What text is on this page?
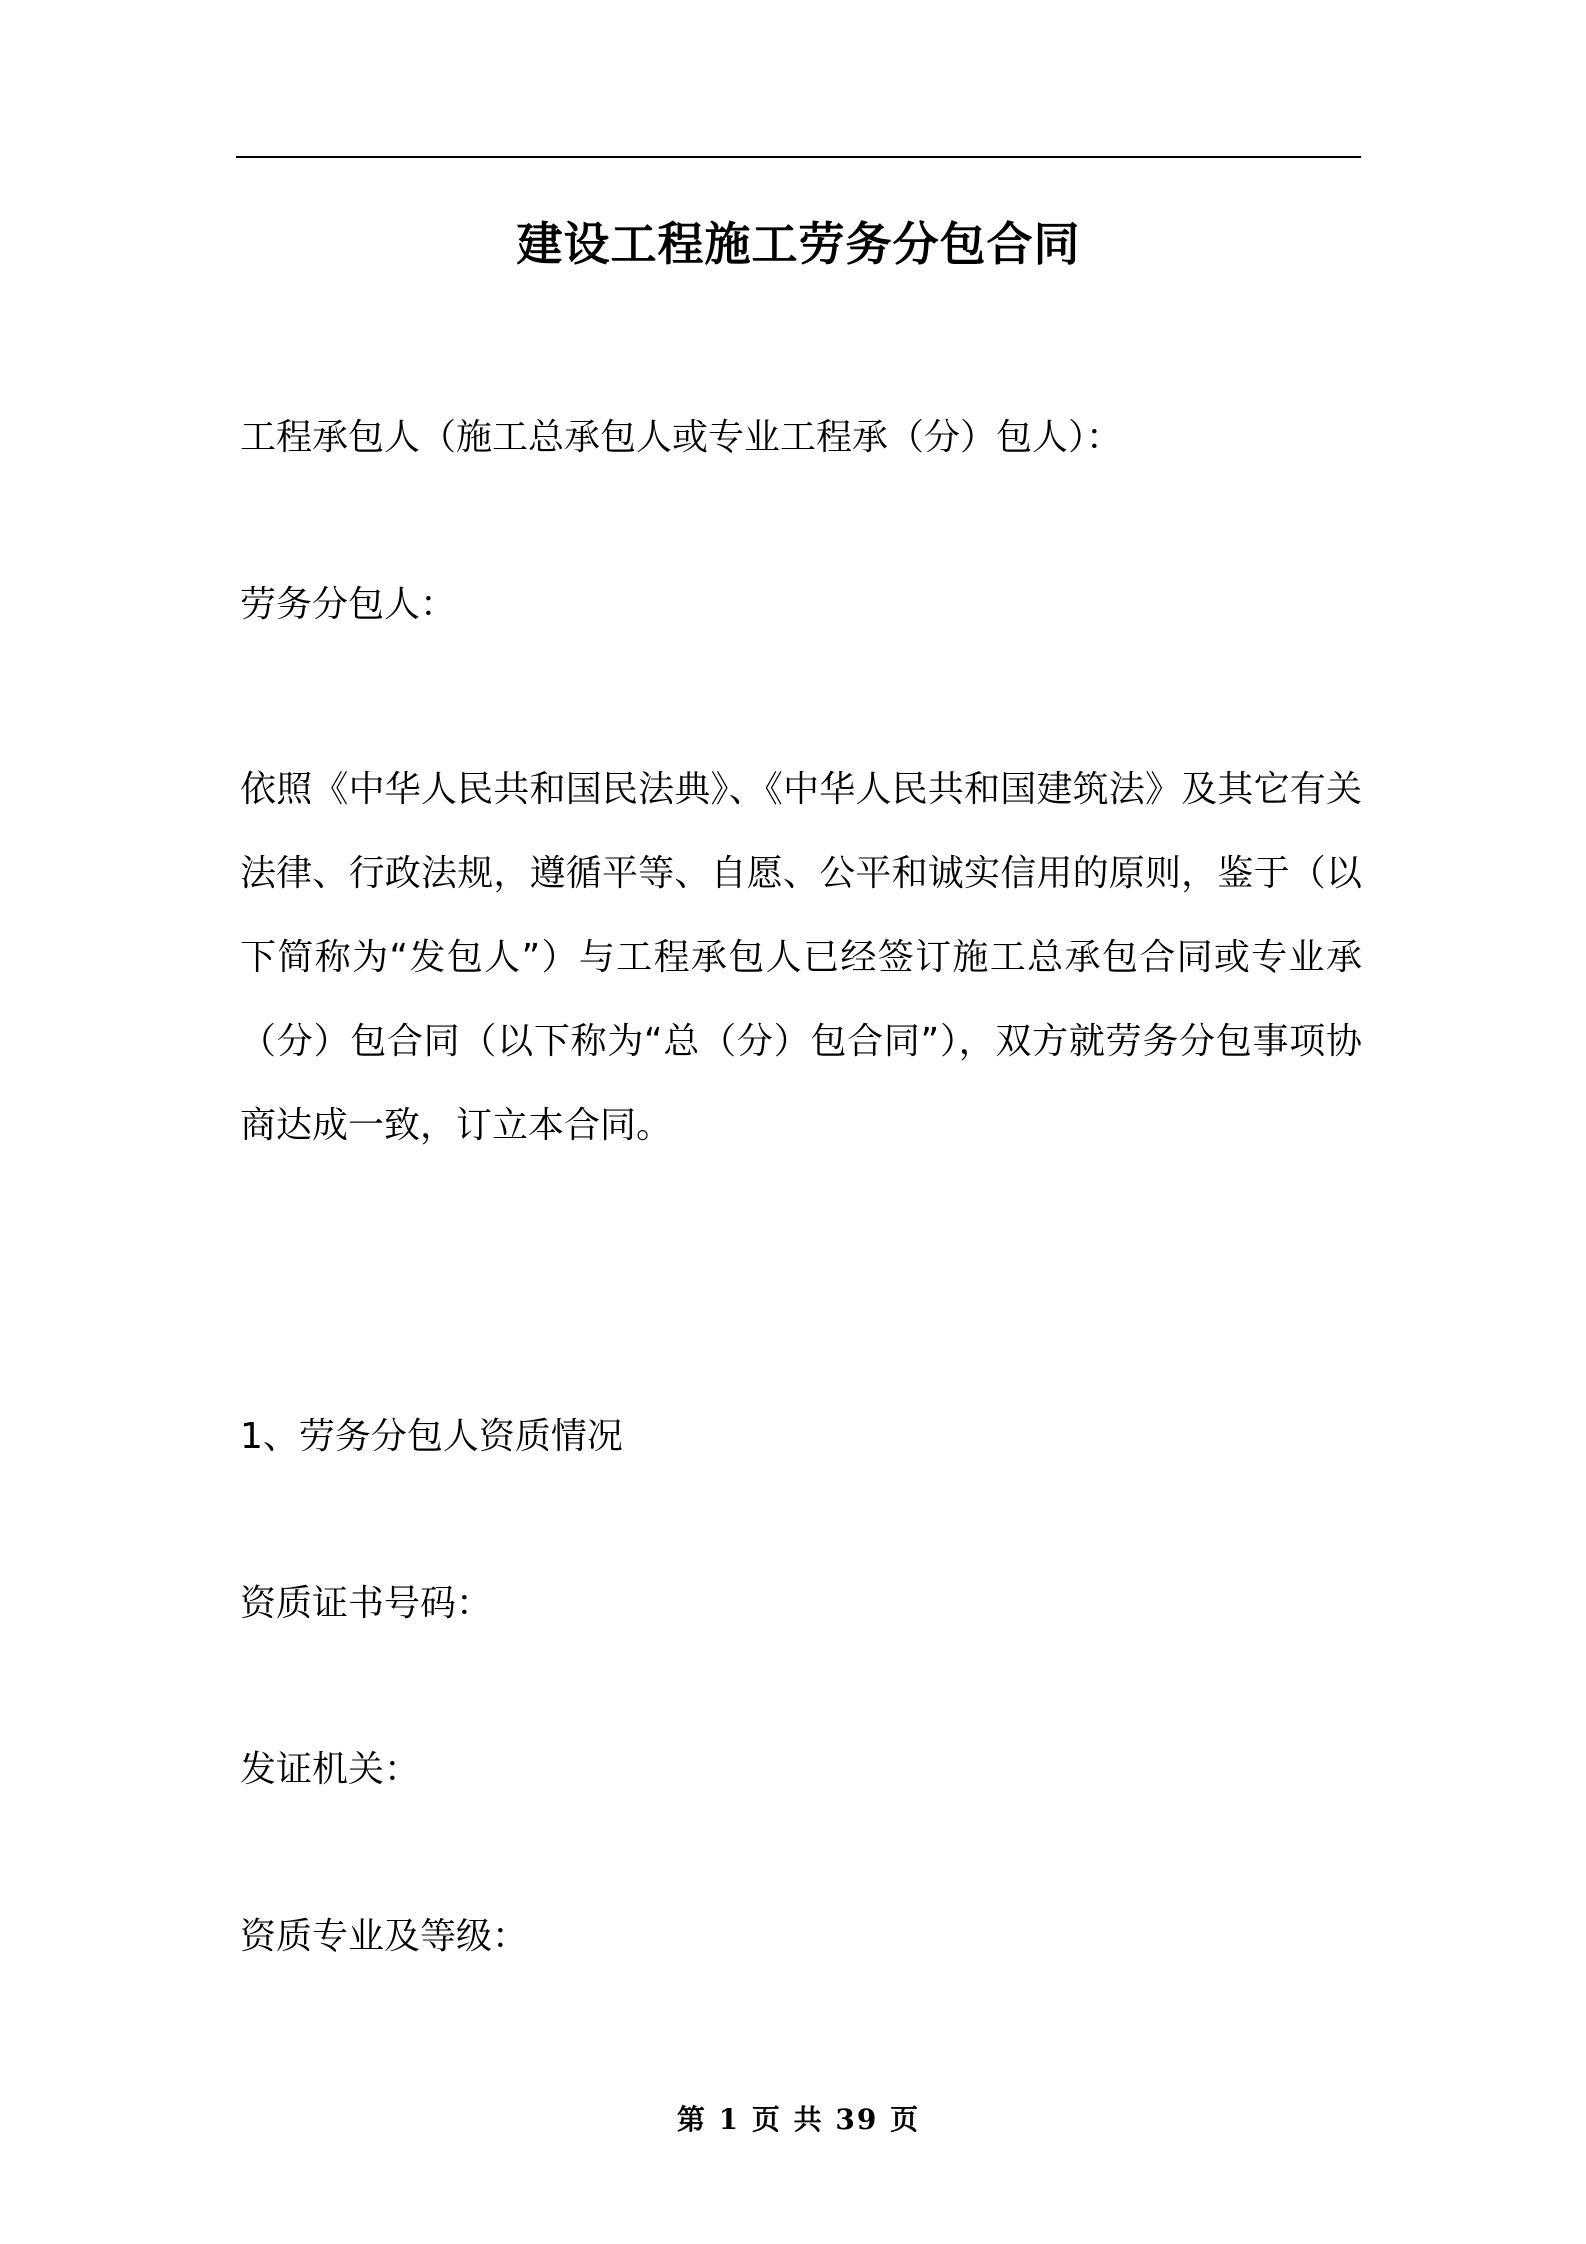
建设工程施工劳务分包合同
工程承包人（施工总承包人或专业工程承（分）包人）：
劳务分包人：
依照《中华人民共和国民法典》、《中华人民共和国建筑法》及其它有关法律、行政法规，遵循平等、自愿、公平和诚实信用的原则，鉴于（以下简称为“发包人”）与工程承包人已经签订施工总承包合同或专业承（分）包合同（以下称为“总（分）包合同”），双方就劳务分包事项协商达成一致，订立本合同。
1、劳务分包人资质情况
资质证书号码：
发证机关：
资质专业及等级：
第 1 页 共 39 页
